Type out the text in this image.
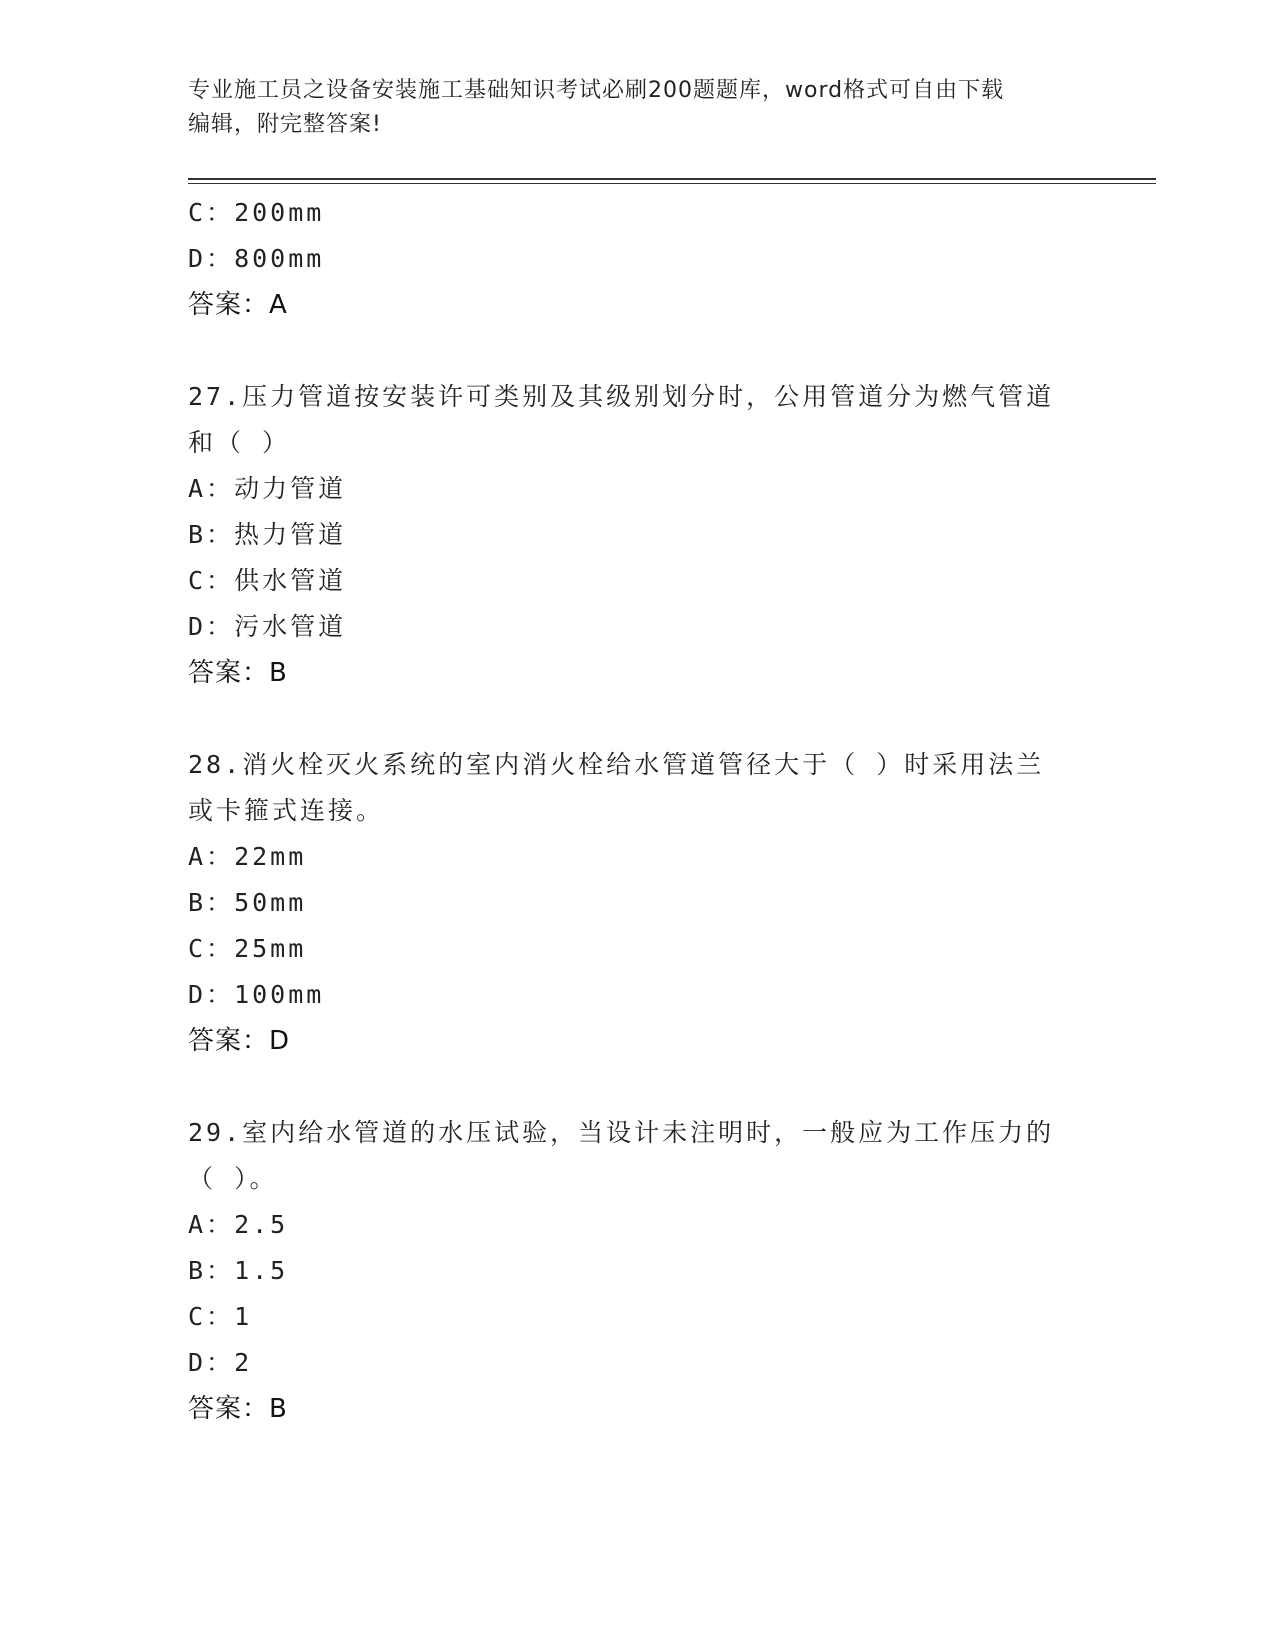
专业施工员之设备安装施工基础知识考试必刷200题题库，word格式可自由下载
编辑，附完整答案!
C：200mm
D：800mm
答案：A
27.压力管道按安装许可类别及其级别划分时，公用管道分为燃气管道
和（ ）
A：动力管道
B：热力管道
C：供水管道
D：污水管道
答案：B
28.消火栓灭火系统的室内消火栓给水管道管径大于（ ）时采用法兰
或卡箍式连接。
A：22mm
B：50mm
C：25mm
D：100mm
答案：D
29.室内给水管道的水压试验，当设计未注明时，一般应为工作压力的
（ ）。
A：2.5
B：1.5
C：1
D：2
答案：B
